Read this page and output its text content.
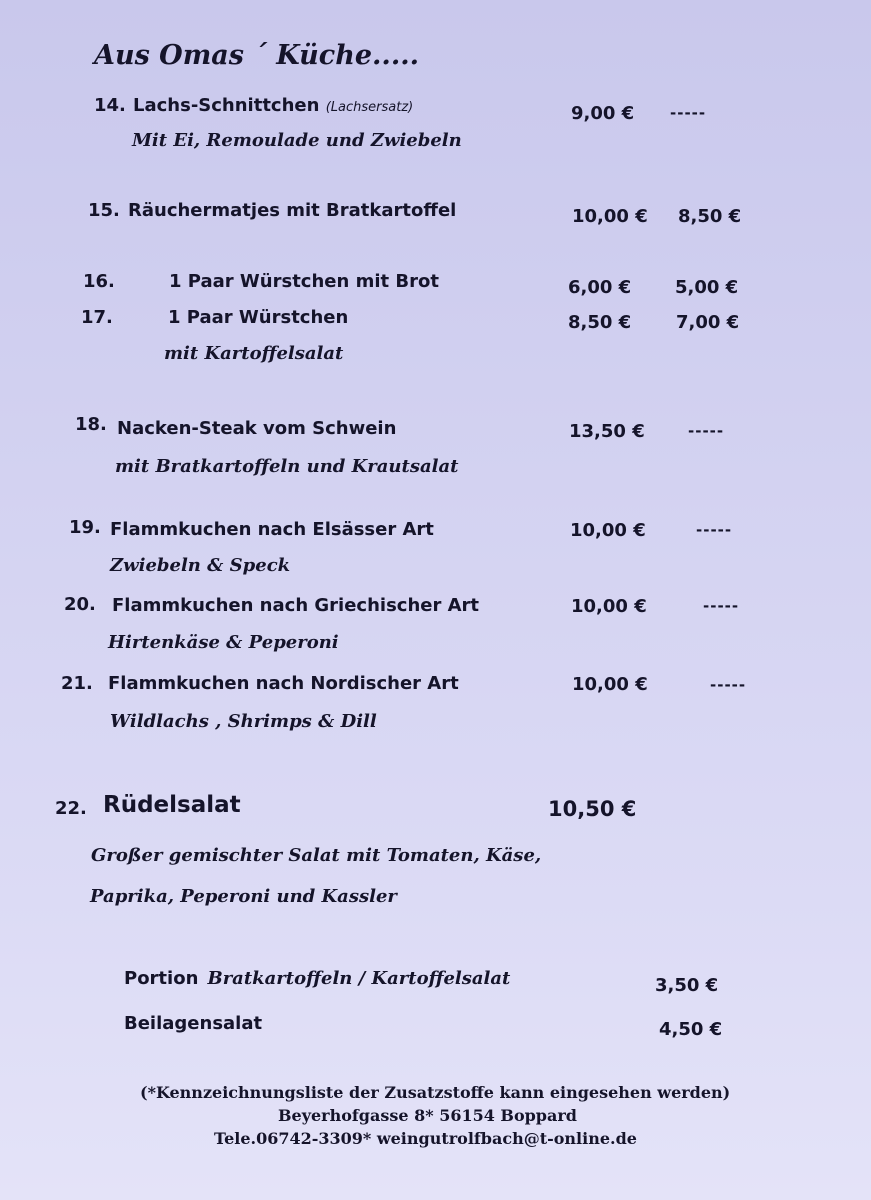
Aus Omas ´ Küche.....
14. Lachs-Schnittchen (Lachsersatz)
Mit Ei, Remoulade und Zwiebeln
9,00 € -----
15. Räuchermatjes mit Bratkartoffel	10,00 € 8,50 €
16.	1 Paar Würstchen mit Brot	6,00 € 5,00 €
17.	1 Paar Würstchen
mit Kartoffelsalat
8,50 € 7,00 €
18. Nacken-Steak vom Schwein
mit Bratkartoffeln und Krautsalat
13,50 €	-----
19. Flammkuchen nach Elsässer Art
Zwiebeln & Speck
10,00 €	-----
20. Flammkuchen nach Griechischer Art
Hirtenkäse & Peperoni
10,00 €	-----
21. Flammkuchen nach Nordischer Art
Wildlachs , Shrimps & Dill
10,00 €	-----
22. Rüdelsalat	10,50 €
Großer gemischter Salat mit Tomaten, Käse,
Paprika, Peperoni und Kassler
Portion Bratkartoffeln / Kartoffelsalat	3,50 €
Beilagensalat	4,50 €
(*Kennzeichnungsliste der Zusatzstoffe kann eingesehen werden)
Beyerhofgasse 8* 56154 Boppard
Tele.06742-3309* weingutrolfbach@t-online.de
